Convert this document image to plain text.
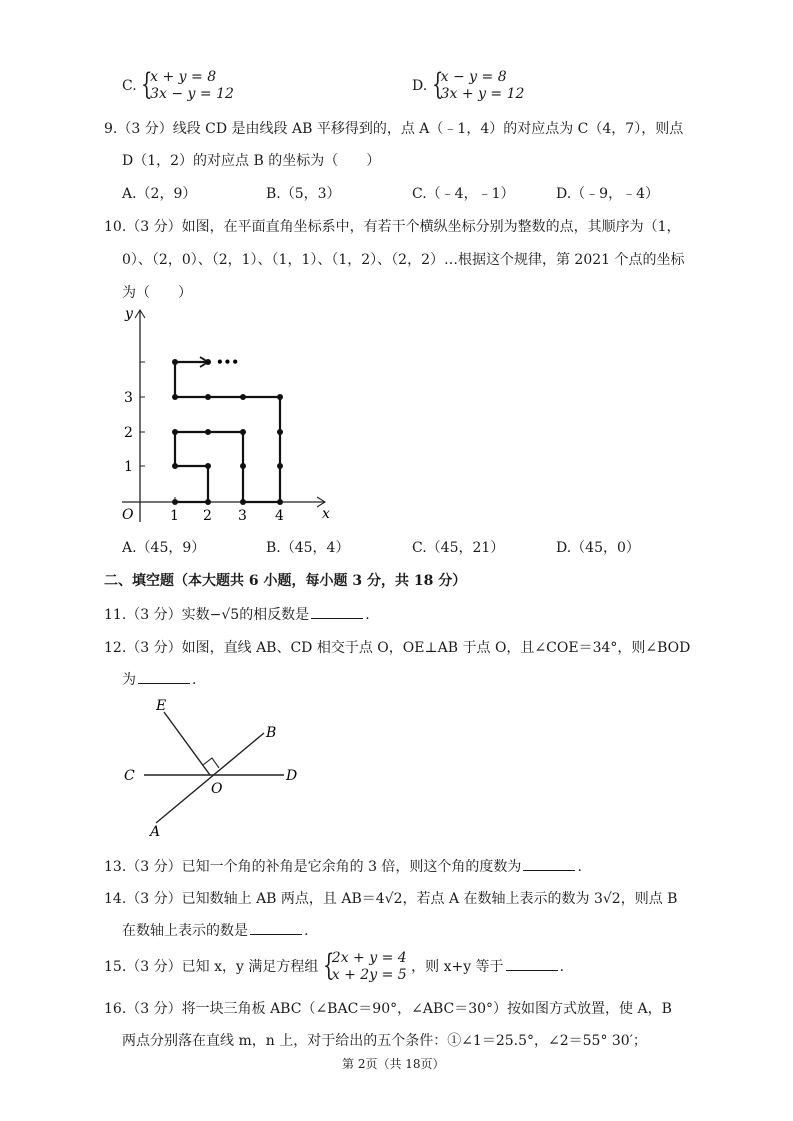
C. {
x + y = 8
3x − y = 12	D. {
x − y = 8
3x + y = 12
9.（3 分）线段 CD 是由线段 AB 平移得到的，点 A（﹣1，4）的对应点为 C（4，7），则点
D（1，2）的对应点 B 的坐标为（　　）
A.（2，9）	B.（5，3）	C.（﹣4，﹣1）	D.（﹣9，﹣4）
10.（3 分）如图，在平面直角坐标系中，有若干个横纵坐标分别为整数的点，其顺序为（1，
0）、（2，0）、（2，1）、（1，1）、（1，2）、（2，2）…根据这个规律，第 2021 个点的坐标
为（　　）
•••
y
x
O	1 2 3 4
1
2
3
A.（45，9）	B.（45，4）	C.（45，21）	D.（45，0）
二、填空题（本大题共 6 小题，每小题 3 分，共 18 分）
11.（3 分）实数−√5的相反数是	.
12.（3 分）如图，直线 AB、CD 相交于点 O，OE⊥AB 于点 O，且∠COE＝34°，则∠BOD
为	.
E
B
C
O
D
A
13.（3 分）已知一个角的补角是它余角的 3 倍，则这个角的度数为	.
14.（3 分）已知数轴上 AB 两点，且 AB＝4√2，若点 A 在数轴上表示的数为 3√2，则点 B
在数轴上表示的数是	.
15.（3 分）已知 x，y 满足方程组 {
2x + y = 4
x + 2y = 5 ，则 x+y 等于	.
16.（3 分）将一块三角板 ABC（∠BAC＝90°，∠ABC＝30°）按如图方式放置，使 A，B
两点分别落在直线 m，n 上，对于给出的五个条件：①∠1＝25.5°，∠2＝55° 30′；
第 2页（共 18页）
